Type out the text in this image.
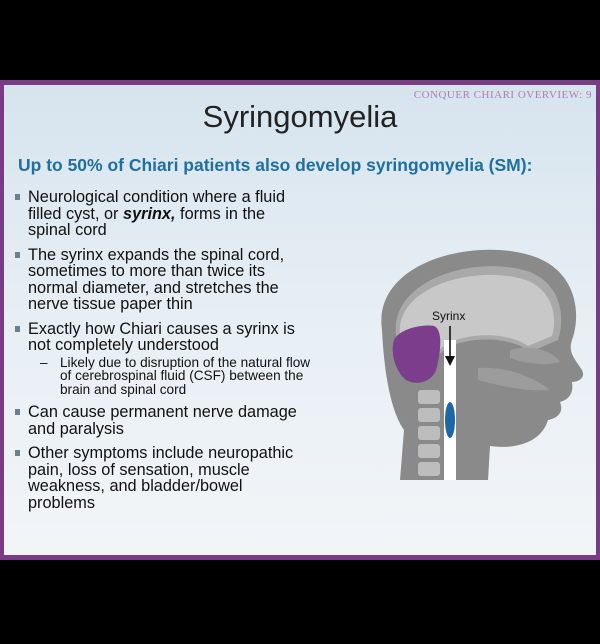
CONQUER CHIARI OVERVIEW: 9
Syringomyelia
Up to 50% of Chiari patients also develop syringomyelia (SM):
Neurological condition where a fluid filled cyst, or syrinx, forms in the spinal cord
The syrinx expands the spinal cord, sometimes to more than twice its normal diameter, and stretches the nerve tissue paper thin
Exactly how Chiari causes a syrinx is not completely understood
– Likely due to disruption of the natural flow of cerebrospinal fluid (CSF) between the brain and spinal cord
Can cause permanent nerve damage and paralysis
Other symptoms include neuropathic pain, loss of sensation, muscle weakness, and bladder/bowel problems
Syrinx
